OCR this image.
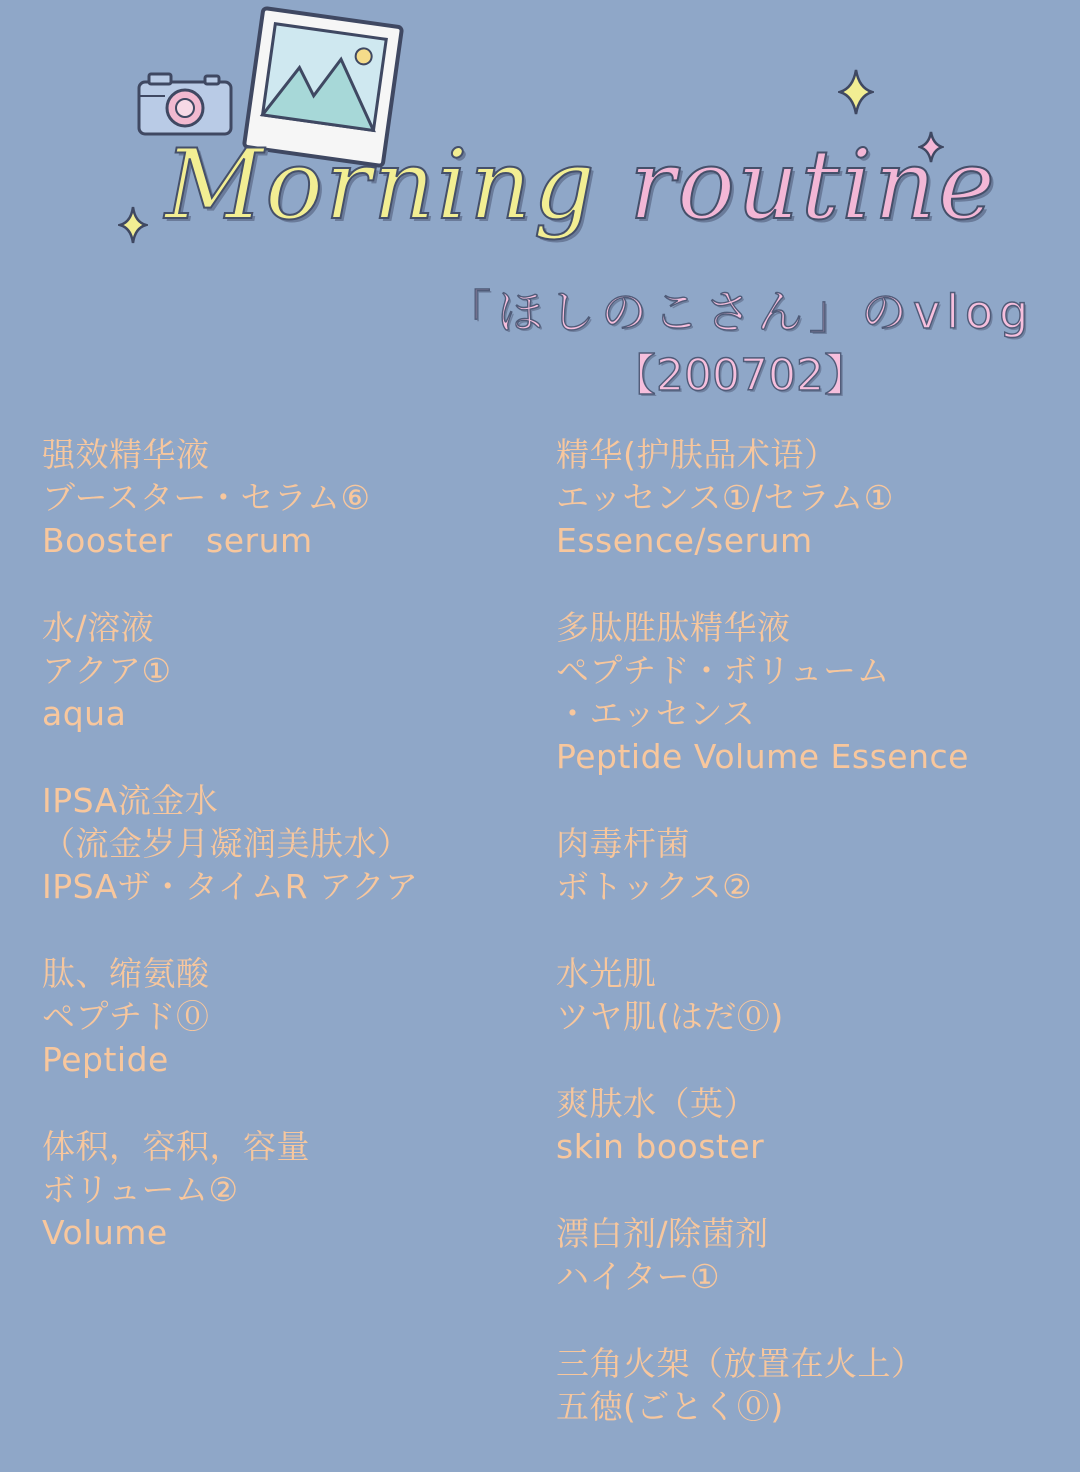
Morning routine
「ほしのこさん」のvlog
【200702】
强效精华液
ブースター・セラム⑥
Booster　serum
水/溶液
アクア①
aqua
IPSA流金水
（流金岁月凝润美肤水）
IPSAザ・タイムR アクア
肽、缩氨酸
ペプチド⓪
Peptide
体积，容积，容量
ボリューム②
Volume
精华(护肤品术语）
エッセンス①/セラム①
Essence/serum
多肽胜肽精华液
ペプチド・ボリューム
・エッセンス
Peptide Volume Essence
肉毒杆菌
ボトックス②
水光肌
ツヤ肌(はだ⓪)
爽肤水（英）
skin booster
漂白剂/除菌剂
ハイター①
三角火架（放置在火上）
五徳(ごとく⓪)
